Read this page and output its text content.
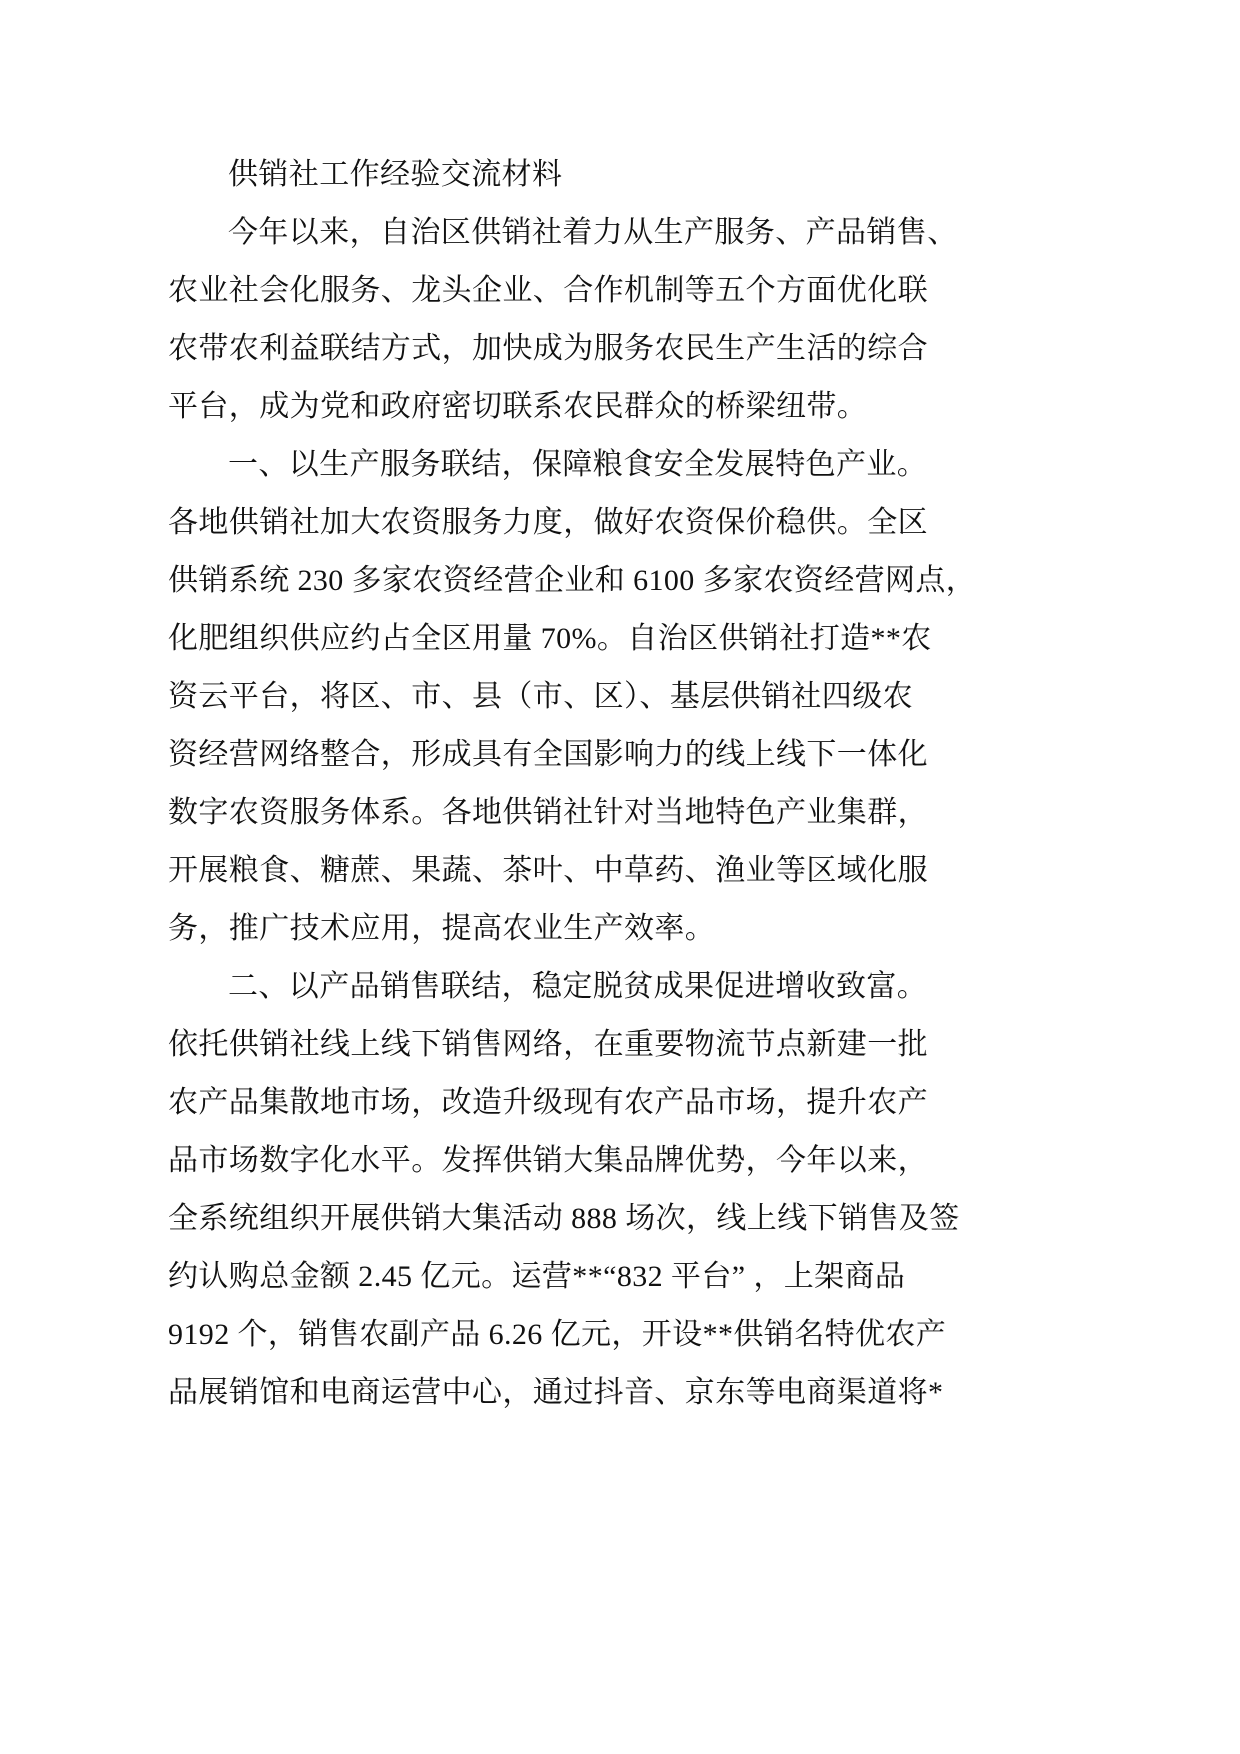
供销社工作经验交流材料
今年以来，自治区供销社着力从生产服务、产品销售、
农业社会化服务、龙头企业、合作机制等五个方面优化联
农带农利益联结方式，加快成为服务农民生产生活的综合
平台，成为党和政府密切联系农民群众的桥梁纽带。
一、以生产服务联结，保障粮食安全发展特色产业。
各地供销社加大农资服务力度，做好农资保价稳供。全区
供销系统 230 多家农资经营企业和 6100 多家农资经营网点，
化肥组织供应约占全区用量 70%。自治区供销社打造**农
资云平台，将区、市、县（市、区）、基层供销社四级农
资经营网络整合，形成具有全国影响力的线上线下一体化
数字农资服务体系。各地供销社针对当地特色产业集群，
开展粮食、糖蔗、果蔬、茶叶、中草药、渔业等区域化服
务，推广技术应用，提高农业生产效率。
二、以产品销售联结，稳定脱贫成果促进增收致富。
依托供销社线上线下销售网络，在重要物流节点新建一批
农产品集散地市场，改造升级现有农产品市场，提升农产
品市场数字化水平。发挥供销大集品牌优势，今年以来，
全系统组织开展供销大集活动 888 场次，线上线下销售及签
约认购总金额 2.45 亿元。运营**“832 平台” ，上架商品
9192 个，销售农副产品 6.26 亿元，开设**供销名特优农产
品展销馆和电商运营中心，通过抖音、京东等电商渠道将*
